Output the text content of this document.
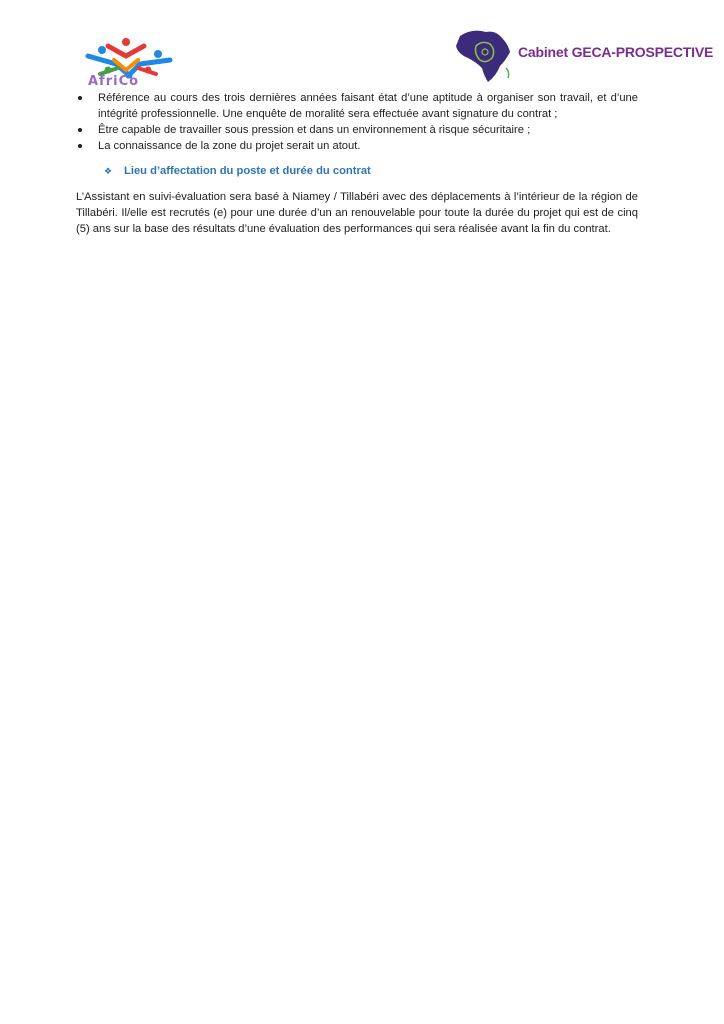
AfriCo
Cabinet GECA-PROSPECTIVE
Référence au cours des trois dernières années faisant état d’une aptitude à organiser son travail, et d’une intégrité professionnelle. Une enquête de moralité sera effectuée avant signature du contrat ;
Être capable de travailler sous pression et dans un environnement à risque sécuritaire ;
La connaissance de la zone du projet serait un atout.
❖ Lieu d’affectation du poste et durée du contrat

L’Assistant en suivi-évaluation sera basé à Niamey / Tillabéri avec des déplacements à l’intérieur de la région de Tillabéri. Il/elle est recrutés (e) pour une durée d’un an renouvelable pour toute la durée du projet qui est de cinq (5) ans sur la base des résultats d’une évaluation des performances qui sera réalisée avant la fin du contrat.
